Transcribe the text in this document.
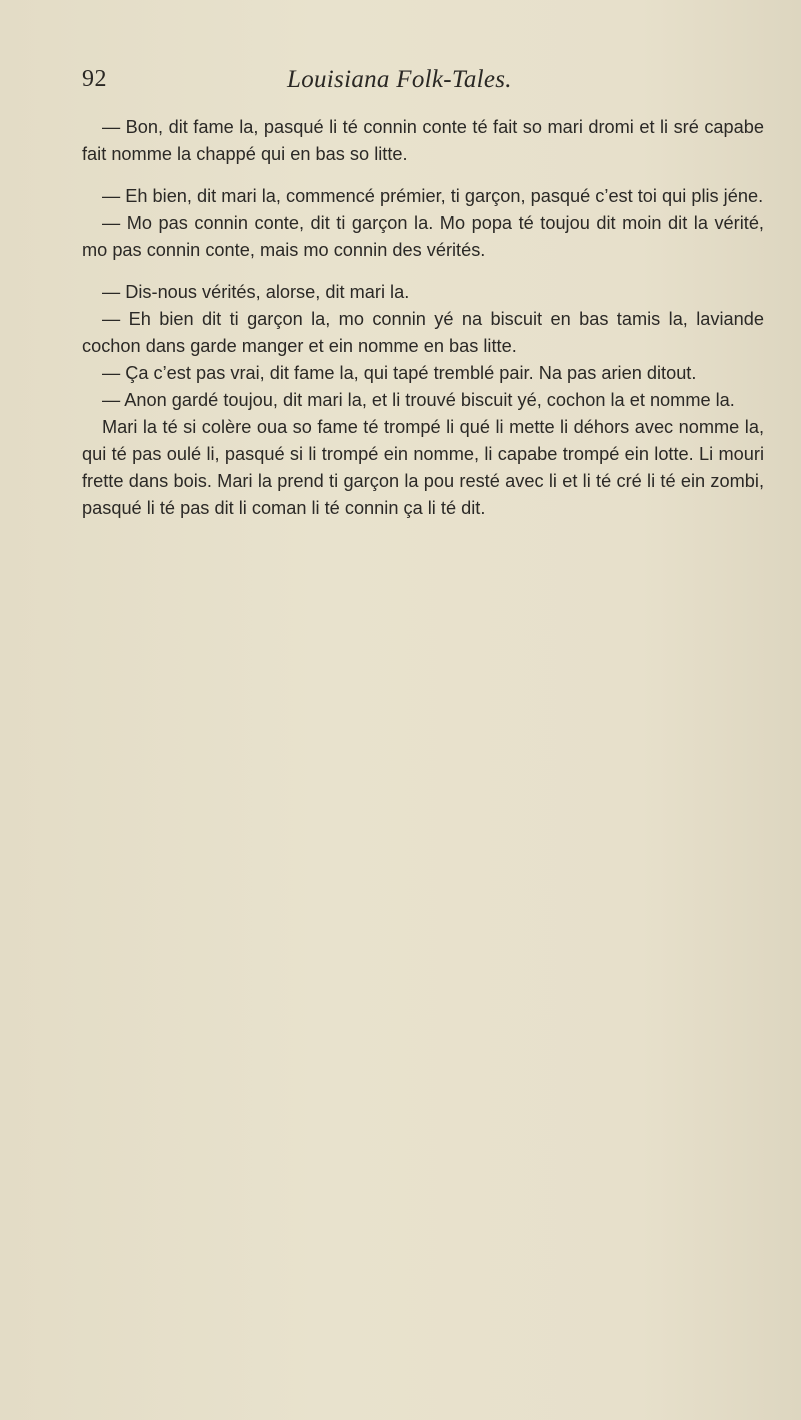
92	Louisiana Folk-Tales.

— Bon, dit fame la, pasqué li té connin conte té fait so mari dromi et li sré capabe fait nomme la chappé qui en bas so litte.

— Eh bien, dit mari la, commencé prémier, ti garçon, pasqué c’est toi qui plis jéne.

— Mo pas connin conte, dit ti garçon la. Mo popa té toujou dit moin dit la vérité, mo pas connin conte, mais mo connin des vérités.

— Dis-nous vérités, alorse, dit mari la.

— Eh bien dit ti garçon la, mo connin yé na biscuit en bas tamis la, laviande cochon dans garde manger et ein nomme en bas litte.

— Ça c’est pas vrai, dit fame la, qui tapé tremblé pair. Na pas arien ditout.

— Anon gardé toujou, dit mari la, et li trouvé biscuit yé, cochon la et nomme la.

Mari la té si colère oua so fame té trompé li qué li mette li déhors avec nomme la, qui té pas oulé li, pasqué si li trompé ein nomme, li capabe trompé ein lotte. Li mouri frette dans bois. Mari la prend ti garçon la pou resté avec li et li té cré li té ein zombi, pasqué li té pas dit li coman li té connin ça li té dit.
